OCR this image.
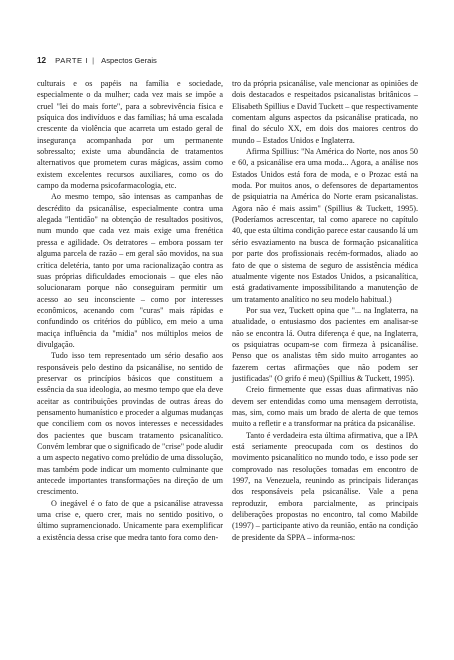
12 PARTE I | Aspectos Gerais

culturais e os papéis na família e sociedade, especialmente o da mulher; cada vez mais se impõe a cruel "lei do mais forte", para a sobrevivência física e psíquica dos indivíduos e das famílias; há uma escalada crescente da violência que acarreta um estado geral de insegurança acompanhada por um permanente sobressalto; existe uma abundância de tratamentos alternativos que prometem curas mágicas, assim como existem excelentes recursos auxiliares, como os do campo da moderna psicofarmacologia, etc.

Ao mesmo tempo, são intensas as campanhas de descrédito da psicanálise, especialmente contra uma alegada "lentidão" na obtenção de resultados positivos, num mundo que cada vez mais exige uma frenética pressa e agilidade. Os detratores – embora possam ter alguma parcela de razão – em geral são movidos, na sua crítica deletéria, tanto por uma racionalização contra as suas próprias dificuldades emocionais – que eles não solucionaram porque não conseguiram permitir um acesso ao seu inconsciente – como por interesses econômicos, acenando com "curas" mais rápidas e confundindo os critérios do público, em meio a uma maciça influência da "mídia" nos múltiplos meios de divulgação.

Tudo isso tem representado um sério desafio aos responsáveis pelo destino da psicanálise, no sentido de preservar os princípios básicos que constituem a essência da sua ideologia, ao mesmo tempo que ela deve aceitar as contribuições provindas de outras áreas do pensamento humanístico e proceder a algumas mudanças que conciliem com os novos interesses e necessidades dos pacientes que buscam tratamento psicanalítico. Convém lembrar que o significado de "crise" pode aludir a um aspecto negativo como prelúdio de uma dissolução, mas também pode indicar um momento culminante que antecede importantes transformações na direção de um crescimento.

O inegável é o fato de que a psicanálise atravessa uma crise e, quero crer, mais no sentido positivo, o último supramencionado. Unicamente para exemplificar a existência dessa crise que medra tanto fora como den-

tro da própria psicanálise, vale mencionar as opiniões de dois destacados e respeitados psicanalistas britânicos – Elisabeth Spillius e David Tuckett – que respectivamente comentam alguns aspectos da psicanálise praticada, no final do século XX, em dois dos maiores centros do mundo – Estados Unidos e Inglaterra.

Afirma Spillius: "Na América do Norte, nos anos 50 e 60, a psicanálise era uma moda... Agora, a análise nos Estados Unidos está fora de moda, e o Prozac está na moda. Por muitos anos, o defensores de departamentos de psiquiatria na América do Norte eram psicanalistas. Agora não é mais assim" (Spillius & Tuckett, 1995). (Poderíamos acrescentar, tal como aparece no capítulo 40, que esta última condição parece estar causando lá um sério esvaziamento na busca de formação psicanalítica por parte dos profissionais recém-formados, aliado ao fato de que o sistema de seguro de assistência médica atualmente vigente nos Estados Unidos, a psicanalítica, está gradativamente impossibilitando a manutenção de um tratamento analítico no seu modelo habitual.)

Por sua vez, Tuckett opina que "... na Inglaterra, na atualidade, o entusiasmo dos pacientes em analisar-se não se encontra lá. Outra diferença é que, na Inglaterra, os psiquiatras ocupam-se com firmeza à psicanálise. Penso que os analistas têm sido muito arrogantes ao fazerem certas afirmações que não podem ser justificadas" (O grifo é meu) (Spillius & Tuckett, 1995).

Creio firmemente que essas duas afirmativas não devem ser entendidas como uma mensagem derrotista, mas, sim, como mais um brado de alerta de que temos muito a refletir e a transformar na prática da psicanálise.

Tanto é verdadeira esta última afirmativa, que a IPA está seriamente preocupada com os destinos do movimento psicanalítico no mundo todo, e isso pode ser comprovado nas resoluções tomadas em encontro de 1997, na Venezuela, reunindo as principais lideranças dos responsáveis pela psicanálise. Vale a pena reproduzir, embora parcialmente, as principais deliberações propostas no encontro, tal como Mabilde (1997) – participante ativo da reunião, então na condição de presidente da SPPA – informa-nos:
